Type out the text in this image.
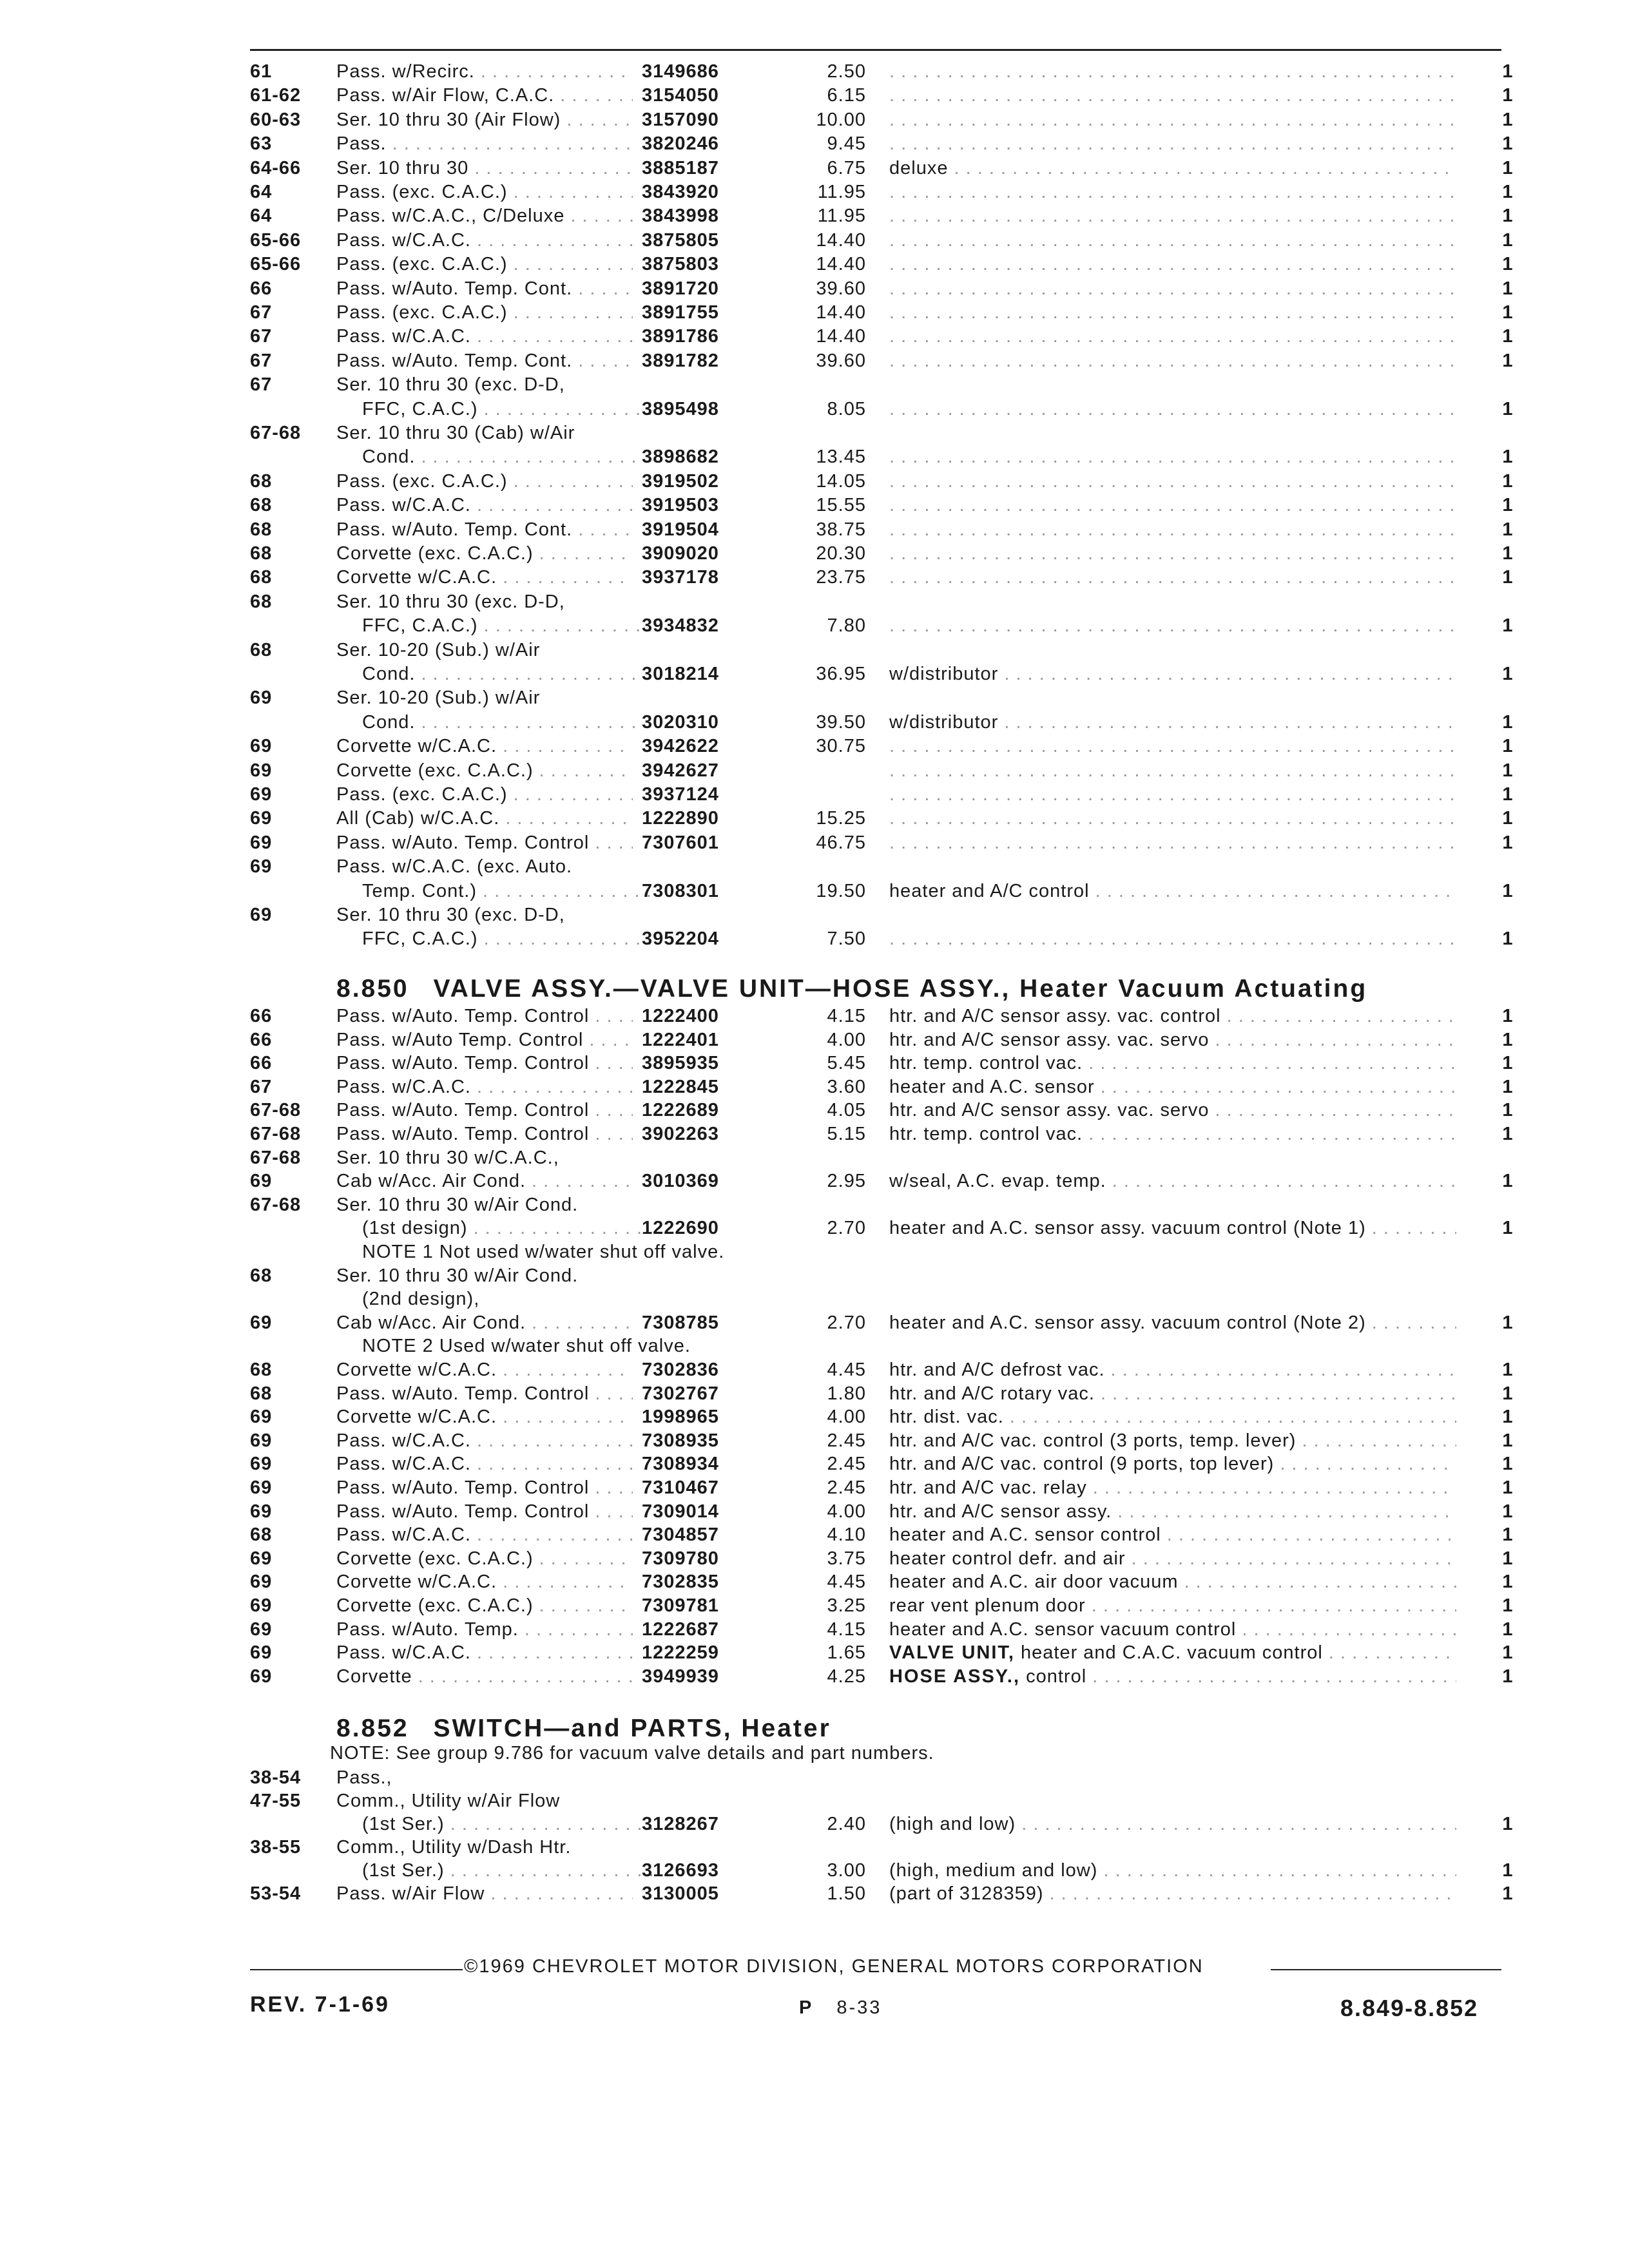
61	Pass. w/Recirc. . . .	3149686	2.50 . . .	1
61-62 Pass. w/Air Flow, C.A.C. . . .	3154050	6.15 . . .	1
60-63 Ser. 10 thru 30 (Air Flow) . . .	3157090	10.00 . . .	1
63	Pass. . . .	3820246	9.45 . . .	1
64-66 Ser. 10 thru 30 . . .	3885187	6.75 deluxe . . .	1
64	Pass. (exc. C.A.C.) . . .	3843920	11.95 . . .	1
64	Pass. w/C.A.C., C/Deluxe . . .	3843998	11.95 . . .	1
65-66 Pass. w/C.A.C. . . .	3875805	14.40 . . .	1
65-66 Pass. (exc. C.A.C.) . . .	3875803	14.40 . . .	1
66	Pass. w/Auto. Temp. Cont. . . .	3891720	39.60 . . .	1
67	Pass. (exc. C.A.C.) . . .	3891755	14.40 . . .	1
67	Pass. w/C.A.C. . . .	3891786	14.40 . . .	1
67	Pass. w/Auto. Temp. Cont. . . .	3891782	39.60 . . .	1
67	Ser. 10 thru 30 (exc. D-D,
FFC, C.A.C.) . . .	3895498	8.05 . . .	1
67-68 Ser. 10 thru 30 (Cab) w/Air
Cond. . . .	3898682	13.45 . . .	1
68	Pass. (exc. C.A.C.) . . .	3919502	14.05 . . .	1
68	Pass. w/C.A.C. . . .	3919503	15.55 . . .	1
68	Pass. w/Auto. Temp. Cont. . . .	3919504	38.75 . . .	1
68	Corvette (exc. C.A.C.) . . .	3909020	20.30 . . .	1
68	Corvette w/C.A.C. . . .	3937178	23.75 . . .	1
68	Ser. 10 thru 30 (exc. D-D,
FFC, C.A.C.) . . .	3934832	7.80 . . .	1
68	Ser. 10-20 (Sub.) w/Air
Cond. . . .	3018214	36.95 w/distributor . . .	1
69	Ser. 10-20 (Sub.) w/Air
Cond. . . .	3020310	39.50 w/distributor . . .	1
69	Corvette w/C.A.C. . . .	3942622	30.75 . . .	1
69	Corvette (exc. C.A.C.) . . .	3942627 . . .	1
69	Pass. (exc. C.A.C.) . . .	3937124 . . .	1
69	All (Cab) w/C.A.C. . . .	1222890	15.25 . . .	1
69	Pass. w/Auto. Temp. Control . . .	7307601	46.75 . . .	1
69	Pass. w/C.A.C. (exc. Auto.
Temp. Cont.) . . .	7308301	19.50 heater and A/C control . . .	1
69	Ser. 10 thru 30 (exc. D-D,
FFC, C.A.C.) . . .	3952204	7.50 . . .	1
8.850 VALVE ASSY.—VALVE UNIT—HOSE ASSY., Heater Vacuum Actuating
66	Pass. w/Auto. Temp. Control . . .	1222400	4.15 htr. and A/C sensor assy. vac. control . . .	1
66	Pass. w/Auto Temp. Control . . .	1222401	4.00 htr. and A/C sensor assy. vac. servo . . .	1
66	Pass. w/Auto. Temp. Control . . .	3895935	5.45 htr. temp. control vac. . . .	1
67	Pass. w/C.A.C. . . .	1222845	3.60 heater and A.C. sensor . . .	1
67-68 Pass. w/Auto. Temp. Control . . .	1222689	4.05 htr. and A/C sensor assy. vac. servo . . .	1
67-68 Pass. w/Auto. Temp. Control . . .	3902263	5.15 htr. temp. control vac. . . .	1
67-68 Ser. 10 thru 30 w/C.A.C.,
69	Cab w/Acc. Air Cond. . . .	3010369	2.95 w/seal, A.C. evap. temp. . . .	1
67-68 Ser. 10 thru 30 w/Air Cond.
(1st design) . . .	1222690	2.70 heater and A.C. sensor assy. vacuum control (Note 1) . . .	1
NOTE 1 Not used w/water shut off valve.
68	Ser. 10 thru 30 w/Air Cond.
(2nd design),
69	Cab w/Acc. Air Cond. . . .	7308785	2.70 heater and A.C. sensor assy. vacuum control (Note 2) . . .	1
NOTE 2 Used w/water shut off valve.
68	Corvette w/C.A.C. . . .	7302836	4.45 htr. and A/C defrost vac. . . .	1
68	Pass. w/Auto. Temp. Control . . .	7302767	1.80 htr. and A/C rotary vac. . . .	1
69	Corvette w/C.A.C. . . .	1998965	4.00 htr. dist. vac. . . .	1
69	Pass. w/C.A.C. . . .	7308935	2.45 htr. and A/C vac. control (3 ports, temp. lever) . . .	1
69	Pass. w/C.A.C. . . .	7308934	2.45 htr. and A/C vac. control (9 ports, top lever) . . .	1
69	Pass. w/Auto. Temp. Control . . .	7310467	2.45 htr. and A/C vac. relay . . .	1
69	Pass. w/Auto. Temp. Control . . .	7309014	4.00 htr. and A/C sensor assy. . . .	1
68	Pass. w/C.A.C. . . .	7304857	4.10 heater and A.C. sensor control . . .	1
69	Corvette (exc. C.A.C.) . . .	7309780	3.75 heater control defr. and air . . .	1
69	Corvette w/C.A.C. . . .	7302835	4.45 heater and A.C. air door vacuum . . .	1
69	Corvette (exc. C.A.C.) . . .	7309781	3.25 rear vent plenum door . . .	1
69	Pass. w/Auto. Temp. . . .	1222687	4.15 heater and A.C. sensor vacuum control . . .	1
69	Pass. w/C.A.C. . . .	1222259	1.65 VALVE UNIT, heater and C.A.C. vacuum control . . .	1
69	Corvette . . .	3949939	4.25 HOSE ASSY., control . . .	1
8.852 SWITCH—and PARTS, Heater
NOTE: See group 9.786 for vacuum valve details and part numbers.
38-54 Pass.,
47-55 Comm., Utility w/Air Flow
(1st Ser.) . . .	3128267	2.40 (high and low) . . .	1
38-55 Comm., Utility w/Dash Htr.
(1st Ser.) . . .	3126693	3.00 (high, medium and low) . . .	1
53-54 Pass. w/Air Flow . . .	3130005	1.50 (part of 3128359) . . .	1
©1969 CHEVROLET MOTOR DIVISION, GENERAL MOTORS CORPORATION
REV. 7-1-69	P 8-33	8.849-8.852
